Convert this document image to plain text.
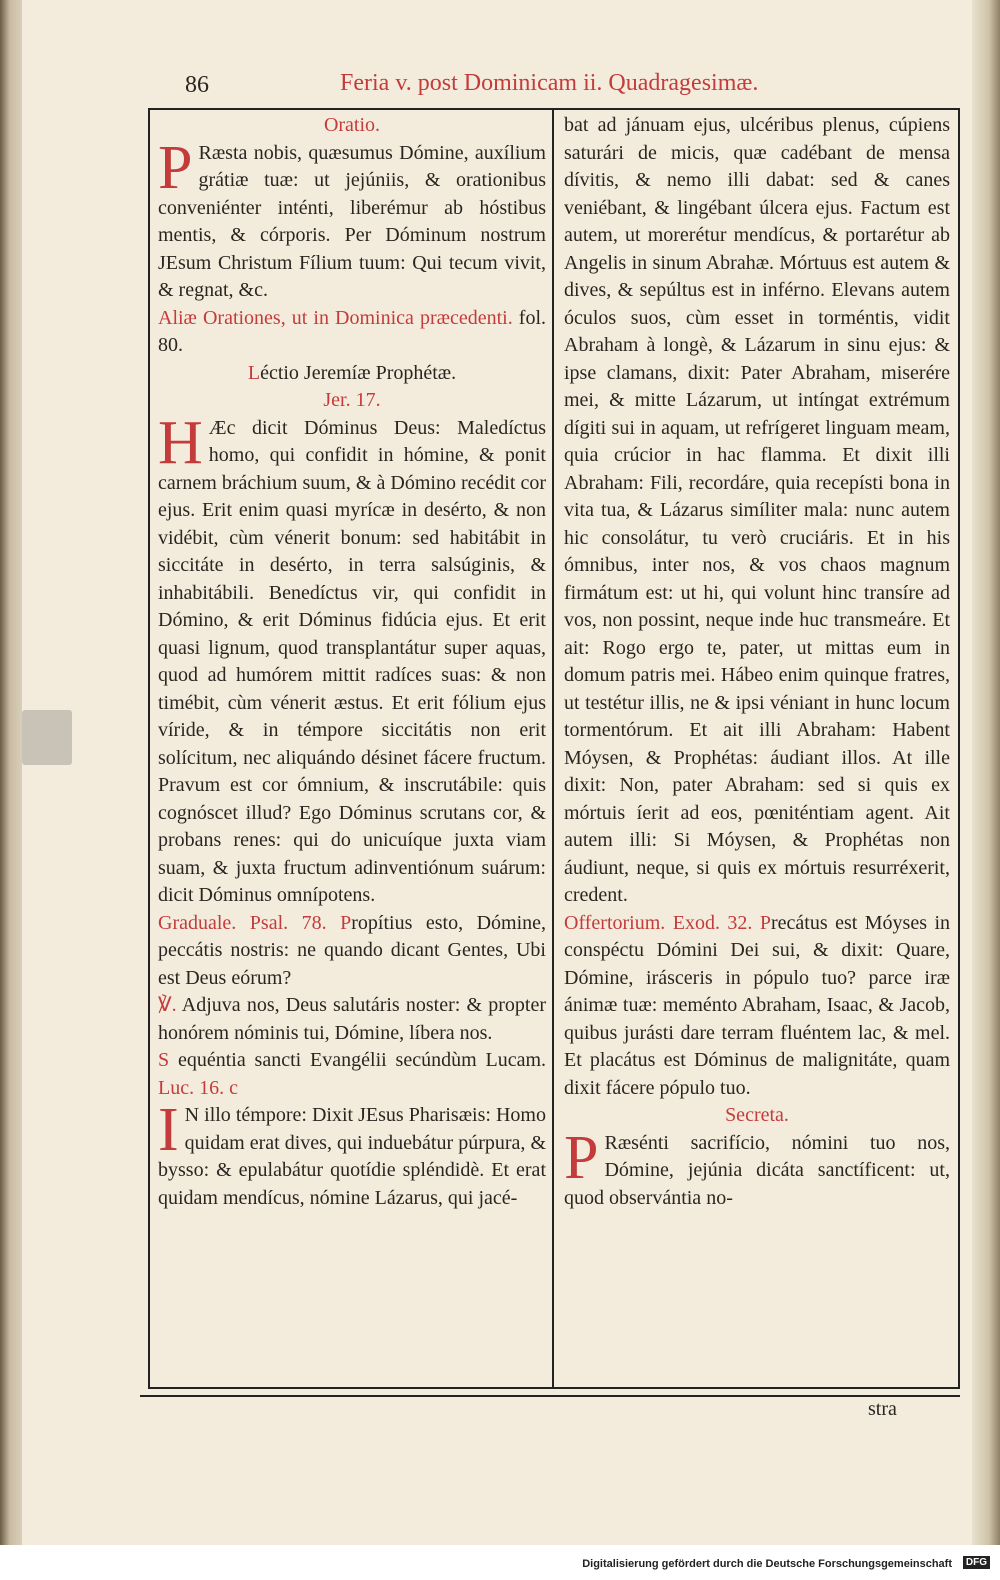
86	Feria v. post Dominicam ii. Quadragesimæ.

Oratio.

P Ræsta nobis, quæsumus Dómine, auxílium grátiæ tuæ: ut jejúniis, & orationibus conveniénter inténti, liberémur ab hóstibus mentis, & córporis. Per Dóminum nostrum JEsum Christum Fílium tuum: Qui tecum vivit, & regnat, &c.

Aliæ Orationes, ut in Dominica præcedenti. fol. 80.

Léctio Jeremíæ Prophétæ.

Jer. 17.

H Æc dicit Dóminus Deus: Maledíctus homo, qui confidit in hómine, & ponit carnem bráchium suum, & à Dómino recédit cor ejus. Erit enim quasi myrícæ in desérto, & non vidébit, cùm vénerit bonum: sed habitábit in siccitáte in desérto, in terra salsúginis, & inhabitábili. Benedíctus vir, qui confidit in Dómino, & erit Dóminus fidúcia ejus. Et erit quasi lignum, quod transplantátur super aquas, quod ad humórem mittit radíces suas: & non timébit, cùm vénerit æstus. Et erit fólium ejus víride, & in témpore siccitátis non erit solícitum, nec aliquándo désinet fácere fructum. Pravum est cor ómnium, & inscrutábile: quis cognóscet illud? Ego Dóminus scrutans cor, & probans renes: qui do unicuíque juxta viam suam, & juxta fructum adinventiónum suárum: dicit Dóminus omnípotens.

Graduale. Psal. 78. Propítius esto, Dómine, peccátis nostris: ne quando dicant Gentes, Ubi est Deus eórum?

℣. Adjuva nos, Deus salutáris noster: & propter honórem nóminis tui, Dómine, líbera nos.

S equéntia sancti Evangélii secúndùm Lucam. Luc. 16. c

I N illo témpore: Dixit JEsus Pharisæis: Homo quidam erat dives, qui induebátur púrpura, & bysso: & epulabátur quotídie spléndidè. Et erat quidam mendícus, nómine Lázarus, qui jacé-

bat ad jánuam ejus, ulcéribus plenus, cúpiens saturári de micis, quæ cadébant de mensa dívitis, & nemo illi dabat: sed & canes veniébant, & lingébant úlcera ejus. Factum est autem, ut morerétur mendícus, & portarétur ab Angelis in sinum Abrahæ. Mórtuus est autem & dives, & sepúltus est in inférno. Elevans autem óculos suos, cùm esset in torméntis, vidit Abraham à longè, & Lázarum in sinu ejus: & ipse clamans, dixit: Pater Abraham, miserére mei, & mitte Lázarum, ut intíngat extrémum dígiti sui in aquam, ut refrígeret linguam meam, quia crúcior in hac flamma. Et dixit illi Abraham: Fili, recordáre, quia recepísti bona in vita tua, & Lázarus simíliter mala: nunc autem hic consolátur, tu verò cruciáris. Et in his ómnibus, inter nos, & vos chaos magnum firmátum est: ut hi, qui volunt hinc transíre ad vos, non possint, neque inde huc transmeáre. Et ait: Rogo ergo te, pater, ut mittas eum in domum patris mei. Hábeo enim quinque fratres, ut testétur illis, ne & ipsi véniant in hunc locum tormentórum. Et ait illi Abraham: Habent Móysen, & Prophétas: áudiant illos. At ille dixit: Non, pater Abraham: sed si quis ex mórtuis íerit ad eos, pœniténtiam agent. Ait autem illi: Si Móysen, & Prophétas non áudiunt, neque, si quis ex mórtuis resurréxerit, credent.

Offertorium. Exod. 32. Precátus est Móyses in conspéctu Dómini Dei sui, & dixit: Quare, Dómine, irásceris in pópulo tuo? parce iræ ánimæ tuæ: meménto Abraham, Isaac, & Jacob, quibus jurásti dare terram fluéntem lac, & mel. Et placátus est Dóminus de malignitáte, quam dixit fácere pópulo tuo.

Secreta.

P Ræsénti sacrifício, nómini tuo nos, Dómine, jejúnia dicáta sanctíficent: ut, quod observántia no-

stra
Digitalisierung gefördert durch die Deutsche Forschungsgemeinschaft	DFG
